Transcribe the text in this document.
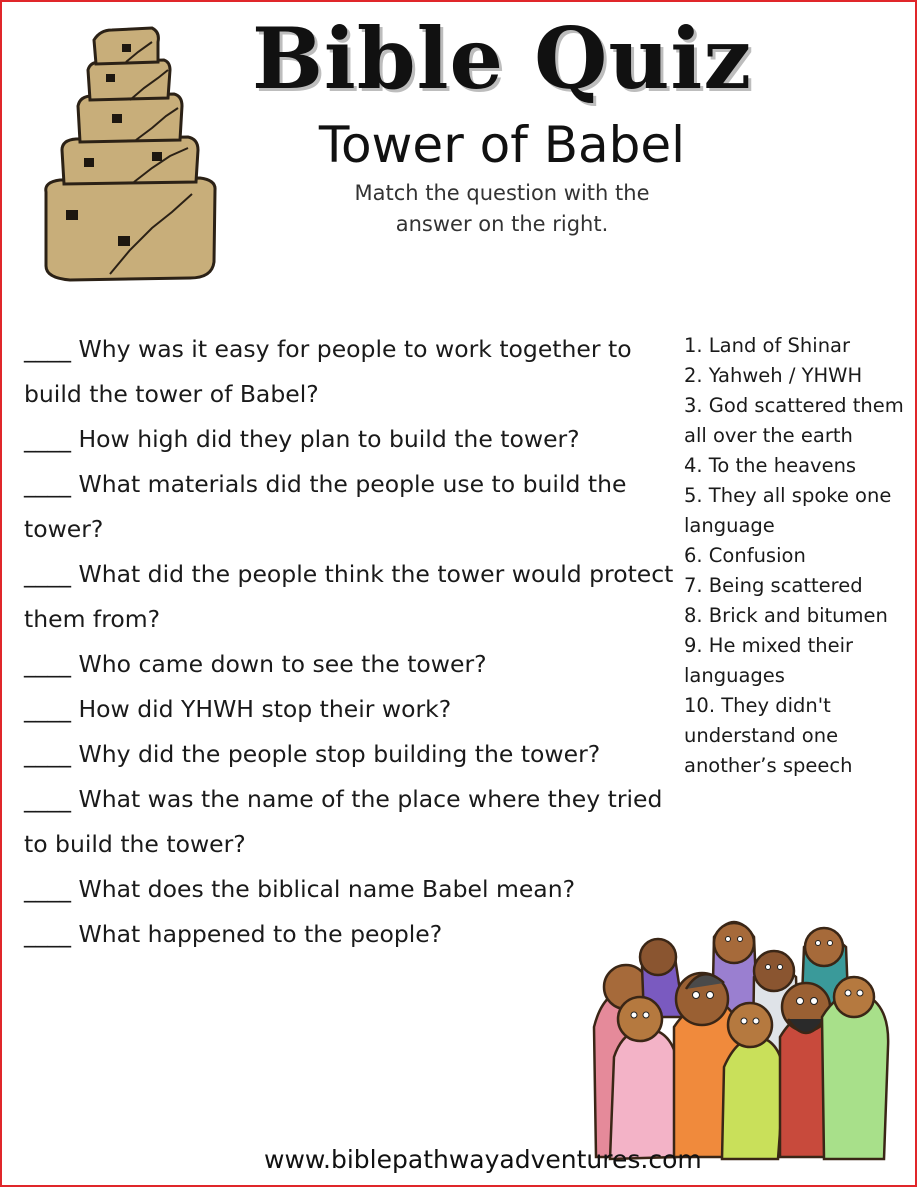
Bible Quiz
Tower of Babel
Match the question with the answer on the right.

____ Why was it easy for people to work together to build the tower of Babel?

____ How high did they plan to build the tower?

____ What materials did the people use to build the tower?

____ What did the people think the tower would protect them from?

____ Who came down to see the tower?

____ How did YHWH stop their work?

____ Why did the people stop building the tower?

____ What was the name of the place where they tried to build the tower?

____ What does the biblical name Babel mean?

____ What happened to the people?

1. Land of Shinar

2. Yahweh / YHWH

3. God scattered them all over the earth

4. To the heavens

5. They all spoke one language

6. Confusion

7. Being scattered

8. Brick and bitumen

9. He mixed their languages

10. They didn't understand one another’s speech

www.biblepathwayadventures.com
